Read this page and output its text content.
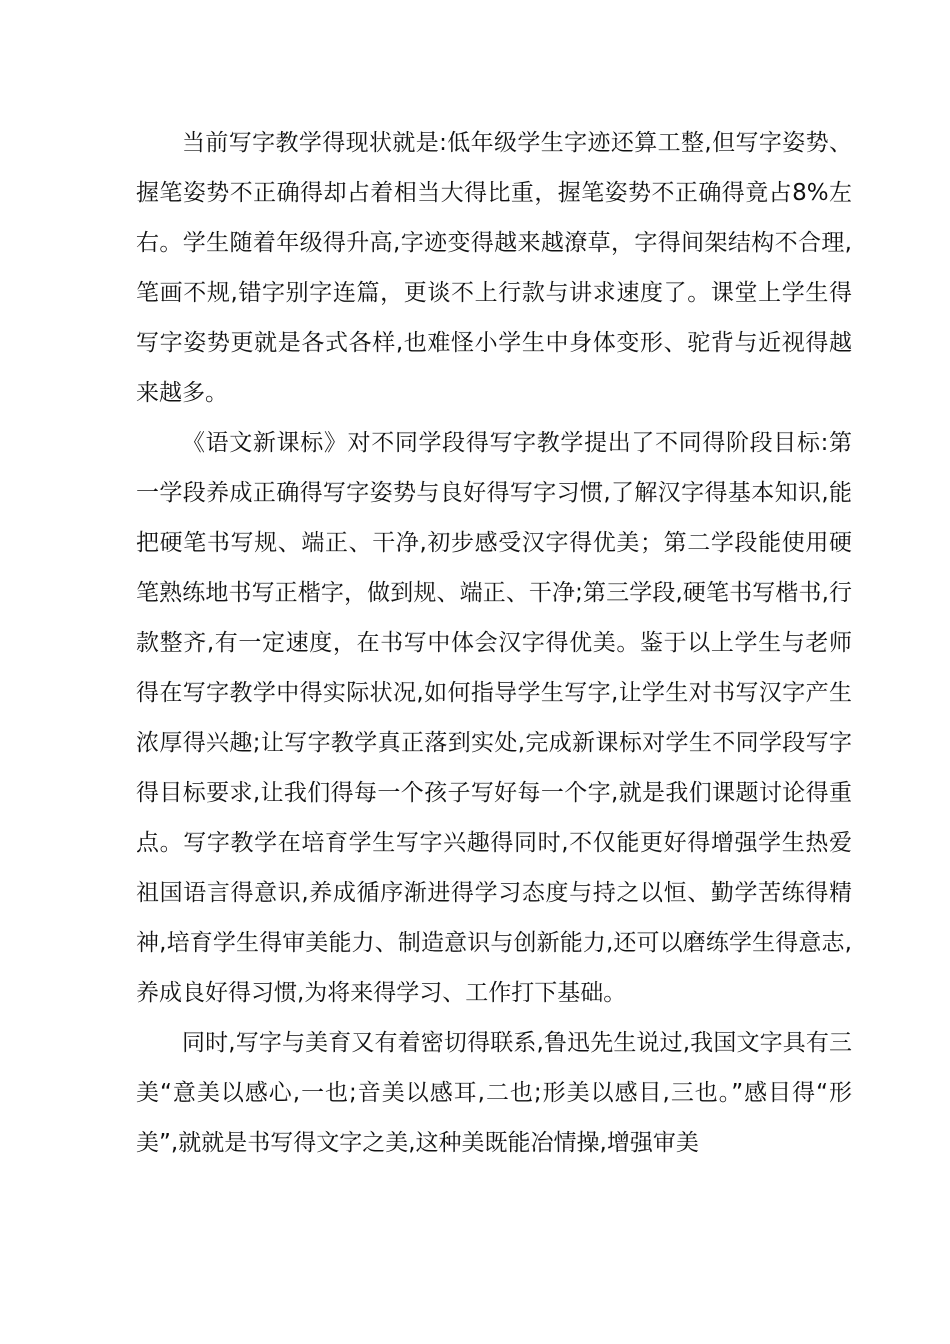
当前写字教学得现状就是:低年级学生字迹还算工整,但写字姿势、握笔姿势不正确得却占着相当大得比重，握笔姿势不正确得竟占8%左右。学生随着年级得升高,字迹变得越来越潦草，字得间架结构不合理,笔画不规,错字别字连篇，更谈不上行款与讲求速度了。课堂上学生得写字姿势更就是各式各样,也难怪小学生中身体变形、驼背与近视得越来越多。

《语文新课标》对不同学段得写字教学提出了不同得阶段目标:第一学段养成正确得写字姿势与良好得写字习惯,了解汉字得基本知识,能把硬笔书写规、端正、干净,初步感受汉字得优美；第二学段能使用硬笔熟练地书写正楷字，做到规、端正、干净;第三学段,硬笔书写楷书,行款整齐,有一定速度，在书写中体会汉字得优美。鉴于以上学生与老师得在写字教学中得实际状况,如何指导学生写字,让学生对书写汉字产生浓厚得兴趣;让写字教学真正落到实处,完成新课标对学生不同学段写字得目标要求,让我们得每一个孩子写好每一个字,就是我们课题讨论得重点。写字教学在培育学生写字兴趣得同时,不仅能更好得增强学生热爱祖国语言得意识,养成循序渐进得学习态度与持之以恒、勤学苦练得精神,培育学生得审美能力、制造意识与创新能力,还可以磨练学生得意志,养成良好得习惯,为将来得学习、工作打下基础。

同时,写字与美育又有着密切得联系,鲁迅先生说过,我国文字具有三美“意美以感心,一也;音美以感耳,二也;形美以感目,三也。”感目得“形美”,就就是书写得文字之美,这种美既能冶情操,增强审美
